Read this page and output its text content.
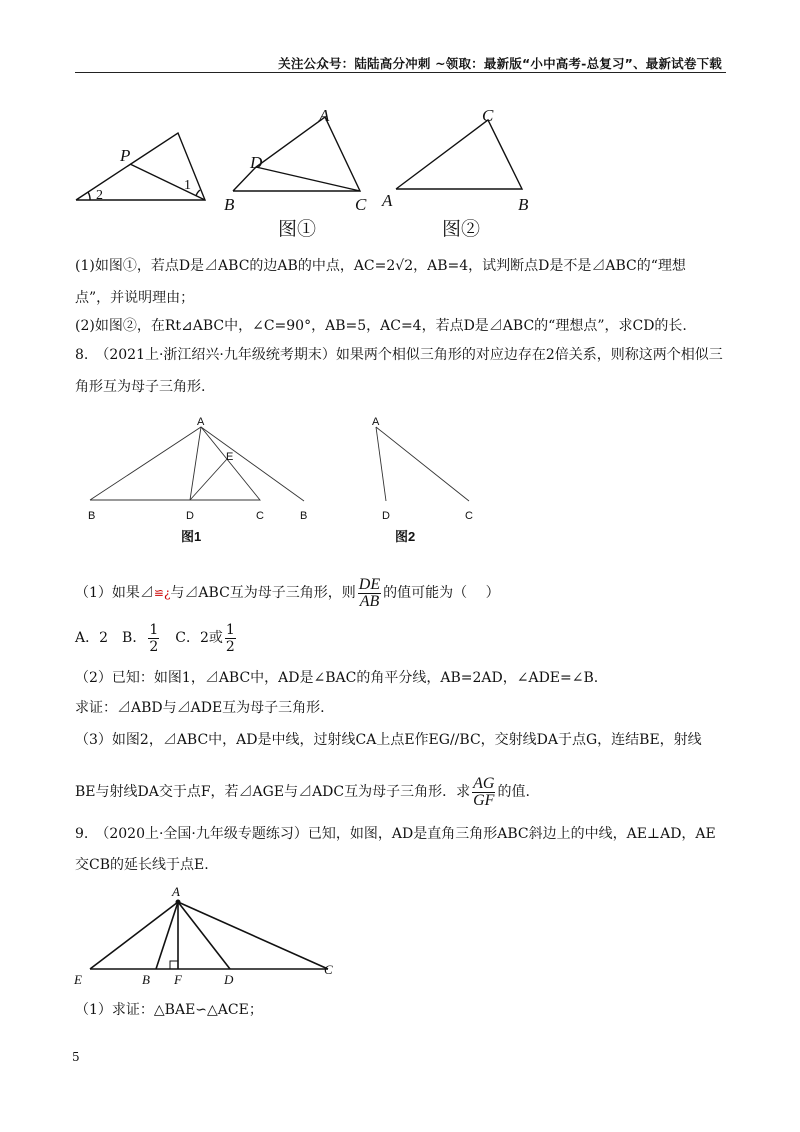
关注公众号：陆陆高分冲刺 ~领取：最新版“小中高考-总复习”、最新试卷下载
P
2
1
A
D
B	C
C
A	B
图①	图②
(1)如图①，若点D是⊿ABC的边AB的中点，AC=2√2，AB=4，试判断点D是不是⊿ABC的“理想
点”，并说明理由；
(2)如图②，在Rt⊿ABC中，∠C=90°，AB=5，AC=4，若点D是⊿ABC的“理想点”，求CD的长.
8.　（2021上·浙江绍兴·九年级统考期末）如果两个相似三角形的对应边存在2倍关系，则称这两个相似三
角形互为母子三角形.
A
E
B	D	C
A
B	D	C
图1	图2
（1）如果⊿ ≌¿ 与⊿ABC互为母子三角形，则 $\frac{DE}{AB}$ 的值可能为（　 ）
A．2 B． $\frac{1}{2}$ C．2或 $\frac{1}{2}$
（2）已知：如图1，⊿ABC中，AD是∠BAC的角平分线，AB=2AD，∠ADE=∠B.
求证：⊿ABD与⊿ADE互为母子三角形.
（3）如图2，⊿ABC中，AD是中线，过射线CA上点E作EG//BC，交射线DA于点G，连结BE，射线
BE与射线DA交于点F，若⊿AGE与⊿ADC互为母子三角形．求 $\frac{AG}{GF}$ 的值.
9.　（2020上·全国·九年级专题练习）已知，如图，AD是直角三角形ABC斜边上的中线，AE⊥AD，AE
交CB的延长线于点E.
A
E	B F	D
C
（1）求证：△BAE∽△ACE；
5
